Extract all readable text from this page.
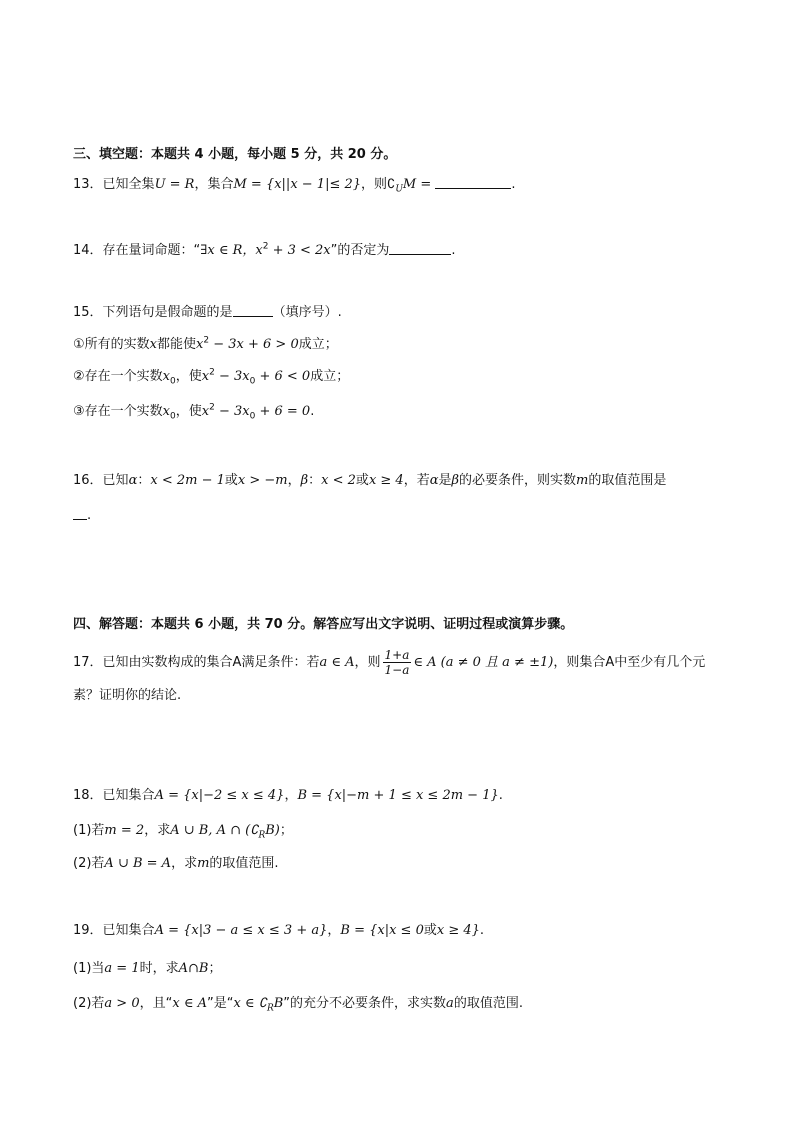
三、填空题：本题共 4 小题，每小题 5 分，共 20 分。
13．已知全集U = R，集合M = {x||x − 1|≤ 2}，则$∁_UM$ =	.
14．存在量词命题：“∃x ∈ R，$x^2 + 3 < 2x$”的否定为	.
15．下列语句是假命题的是	（填序号）.
①所有的实数x都能使$x^2 - 3x + 6 > 0$成立；
②存在一个实数$x_0$，使$x^2 - 3x_0 + 6 < 0$成立；
③存在一个实数$x_0$，使$x^2 - 3x_0 + 6 = 0$.
16．已知α：x < 2m − 1或x > −m，β：x < 2或x ≥ 4，若α是β的必要条件，则实数m的取值范围是
.
四、解答题：本题共 6 小题，共 70 分。解答应写出文字说明、证明过程或演算步骤。
17．已知由实数构成的集合A满足条件：若a ∈ A，则 $\frac{1+a}{1-a}$ ∈ A (a ≠ 0 且 a ≠ ±1)，则集合A中至少有几个元
素？证明你的结论.
18．已知集合A = {x|−2 ≤ x ≤ 4}，B = {x|−m + 1 ≤ x ≤ 2m − 1}.
(1)若m = 2，求A ∪ B, A ∩ $(∁_RB)$；
(2)若A ∪ B = A，求m的取值范围.
19．已知集合A = {x|3 − a ≤ x ≤ 3 + a}，B = {x|x ≤ 0或x ≥ 4}.
(1)当a = 1时，求A∩B；
(2)若a > 0，且“x ∈ A”是“x ∈ $∁_RB$”的充分不必要条件，求实数a的取值范围.
